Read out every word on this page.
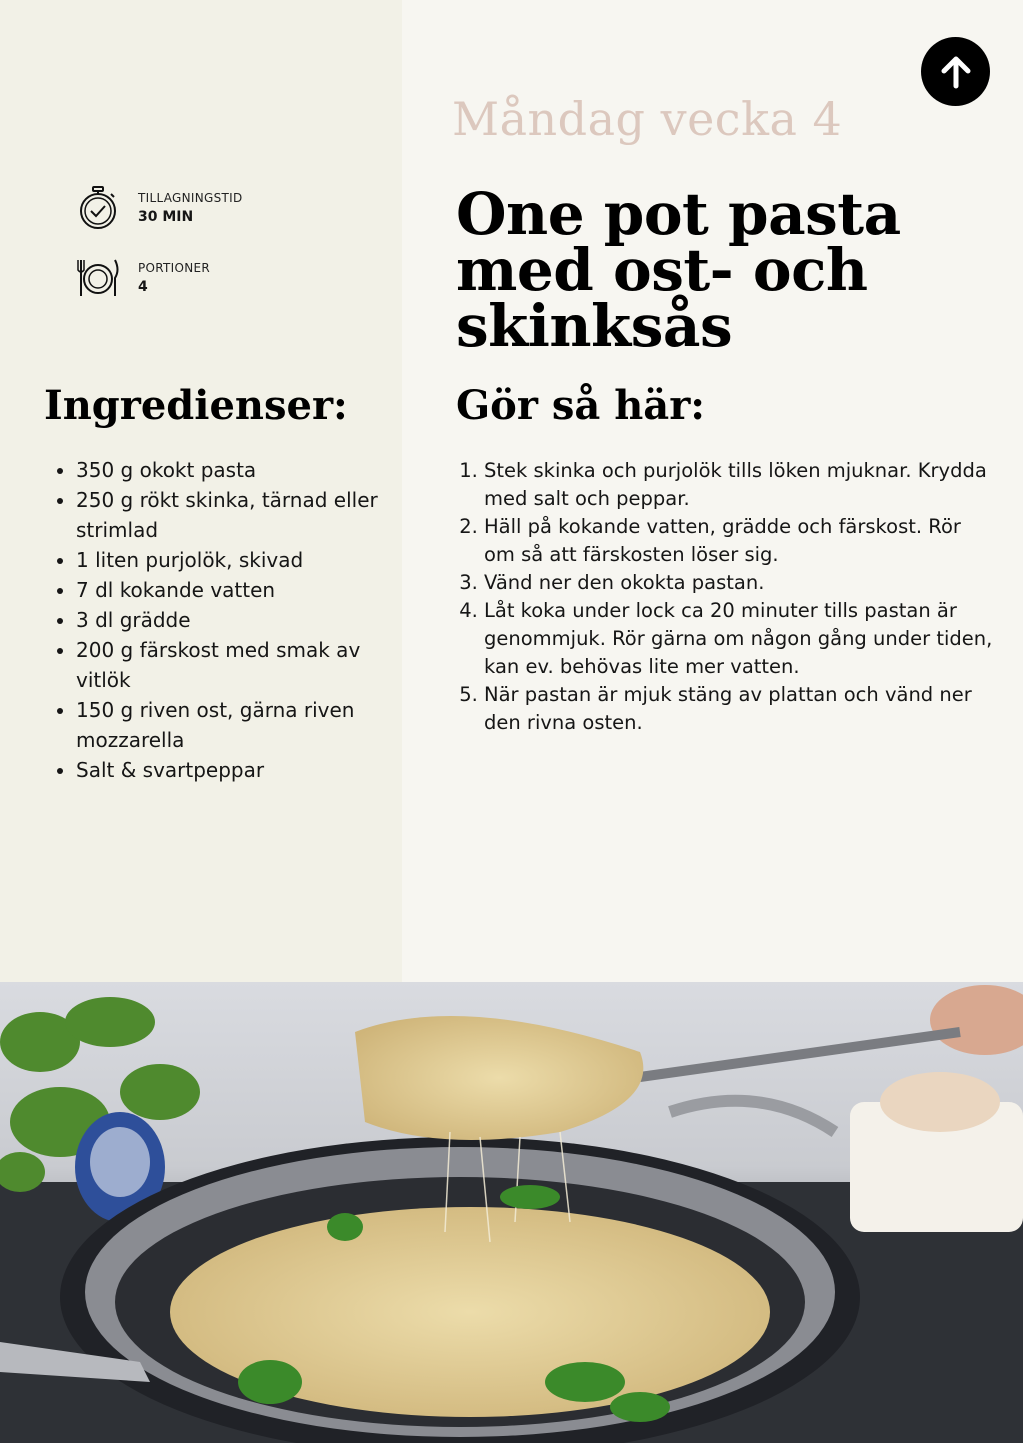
Måndag vecka 4
One pot pasta med ost- och skinksås
TILLAGNINGSTID
30 MIN
PORTIONER
4
Ingredienser:
• 350 g okokt pasta
• 250 g rökt skinka, tärnad eller strimlad
• 1 liten purjolök, skivad
• 7 dl kokande vatten
• 3 dl grädde
• 200 g färskost med smak av vitlök
• 150 g riven ost, gärna riven mozzarella
• Salt & svartpeppar
Gör så här:
1. Stek skinka och purjolök tills löken mjuknar. Krydda med salt och peppar.
2. Häll på kokande vatten, grädde och färskost. Rör om så att färskosten löser sig.
3. Vänd ner den okokta pastan.
4. Låt koka under lock ca 20 minuter tills pastan är genommjuk. Rör gärna om någon gång under tiden, kan ev. behövas lite mer vatten.
5. När pastan är mjuk stäng av plattan och vänd ner den rivna osten.
